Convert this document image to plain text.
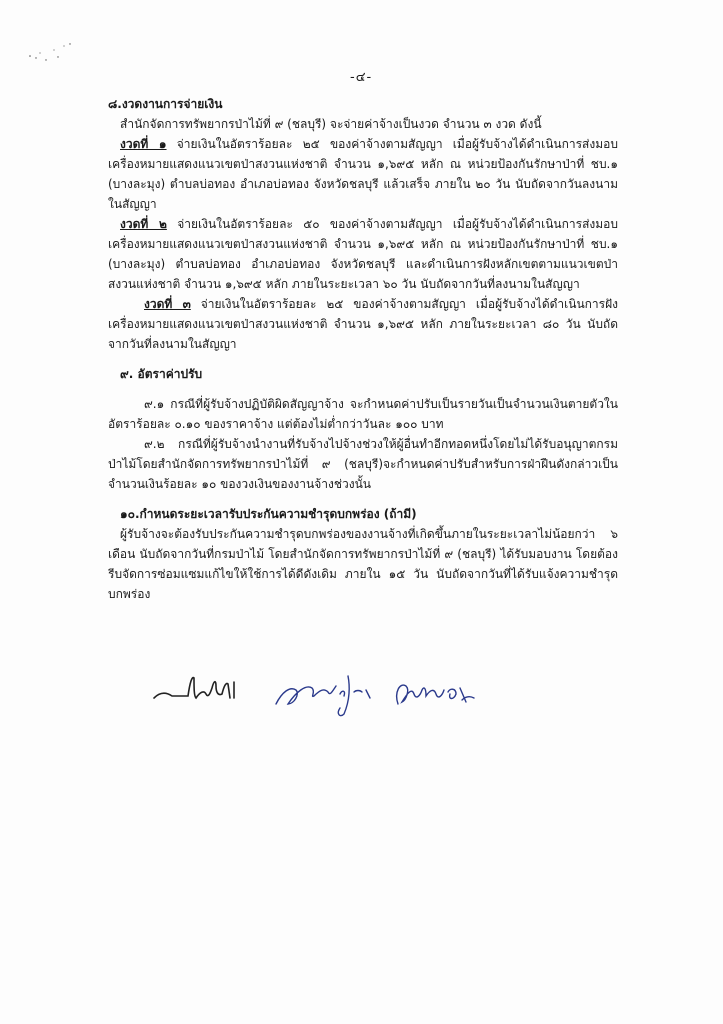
-๔-

๘.งวดงานการจ่ายเงิน

สำนักจัดการทรัพยากรป่าไม้ที่ ๙ (ชลบุรี) จะจ่ายค่าจ้างเป็นงวด จำนวน ๓ งวด ดังนี้

งวดที่ ๑ จ่ายเงินในอัตราร้อยละ ๒๕ ของค่าจ้างตามสัญญา เมื่อผู้รับจ้างได้ดำเนินการส่งมอบเครื่องหมายแสดงแนวเขตป่าสงวนแห่งชาติ จำนวน ๑,๖๙๕ หลัก ณ หน่วยป้องกันรักษาป่าที่ ชบ.๑ (บางละมุง) ตำบลบ่อทอง อำเภอบ่อทอง จังหวัดชลบุรี แล้วเสร็จ ภายใน ๒๐ วัน นับถัดจากวันลงนามในสัญญา

งวดที่ ๒ จ่ายเงินในอัตราร้อยละ ๕๐ ของค่าจ้างตามสัญญา เมื่อผู้รับจ้างได้ดำเนินการส่งมอบเครื่องหมายแสดงแนวเขตป่าสงวนแห่งชาติ จำนวน ๑,๖๙๕ หลัก ณ หน่วยป้องกันรักษาป่าที่ ชบ.๑ (บางละมุง) ตำบลบ่อทอง อำเภอบ่อทอง จังหวัดชลบุรี และดำเนินการฝังหลักเขตตามแนวเขตป่าสงวนแห่งชาติ จำนวน ๑,๖๙๕ หลัก ภายในระยะเวลา ๖๐ วัน นับถัดจากวันที่ลงนามในสัญญา

งวดที่ ๓ จ่ายเงินในอัตราร้อยละ ๒๕ ของค่าจ้างตามสัญญา เมื่อผู้รับจ้างได้ดำเนินการฝังเครื่องหมายแสดงแนวเขตป่าสงวนแห่งชาติ จำนวน ๑,๖๙๕ หลัก ภายในระยะเวลา ๘๐ วัน นับถัดจากวันที่ลงนามในสัญญา

๙. อัตราค่าปรับ

๙.๑ กรณีที่ผู้รับจ้างปฏิบัติผิดสัญญาจ้าง จะกำหนดค่าปรับเป็นรายวันเป็นจำนวนเงินตายตัวในอัตราร้อยละ ๐.๑๐ ของราคาจ้าง แต่ต้องไม่ต่ำกว่าวันละ ๑๐๐ บาท

๙.๒ กรณีที่ผู้รับจ้างนำงานที่รับจ้างไปจ้างช่วงให้ผู้อื่นทำอีกทอดหนึ่งโดยไม่ได้รับอนุญาตกรมป่าไม้โดยสำนักจัดการทรัพยากรป่าไม้ที่ ๙ (ชลบุรี)จะกำหนดค่าปรับสำหรับการฝ่าฝืนดังกล่าวเป็นจำนวนเงินร้อยละ ๑๐ ของวงเงินของงานจ้างช่วงนั้น

๑๐.กำหนดระยะเวลารับประกันความชำรุดบกพร่อง (ถ้ามี)

ผู้รับจ้างจะต้องรับประกันความชำรุดบกพร่องของงานจ้างที่เกิดขึ้นภายในระยะเวลาไม่น้อยกว่า ๖ เดือน นับถัดจากวันที่กรมป่าไม้ โดยสำนักจัดการทรัพยากรป่าไม้ที่ ๙ (ชลบุรี) ได้รับมอบงาน โดยต้องรีบจัดการซ่อมแซมแก้ไขให้ใช้การได้ดีดังเดิม ภายใน ๑๕ วัน นับถัดจากวันที่ได้รับแจ้งความชำรุดบกพร่อง
